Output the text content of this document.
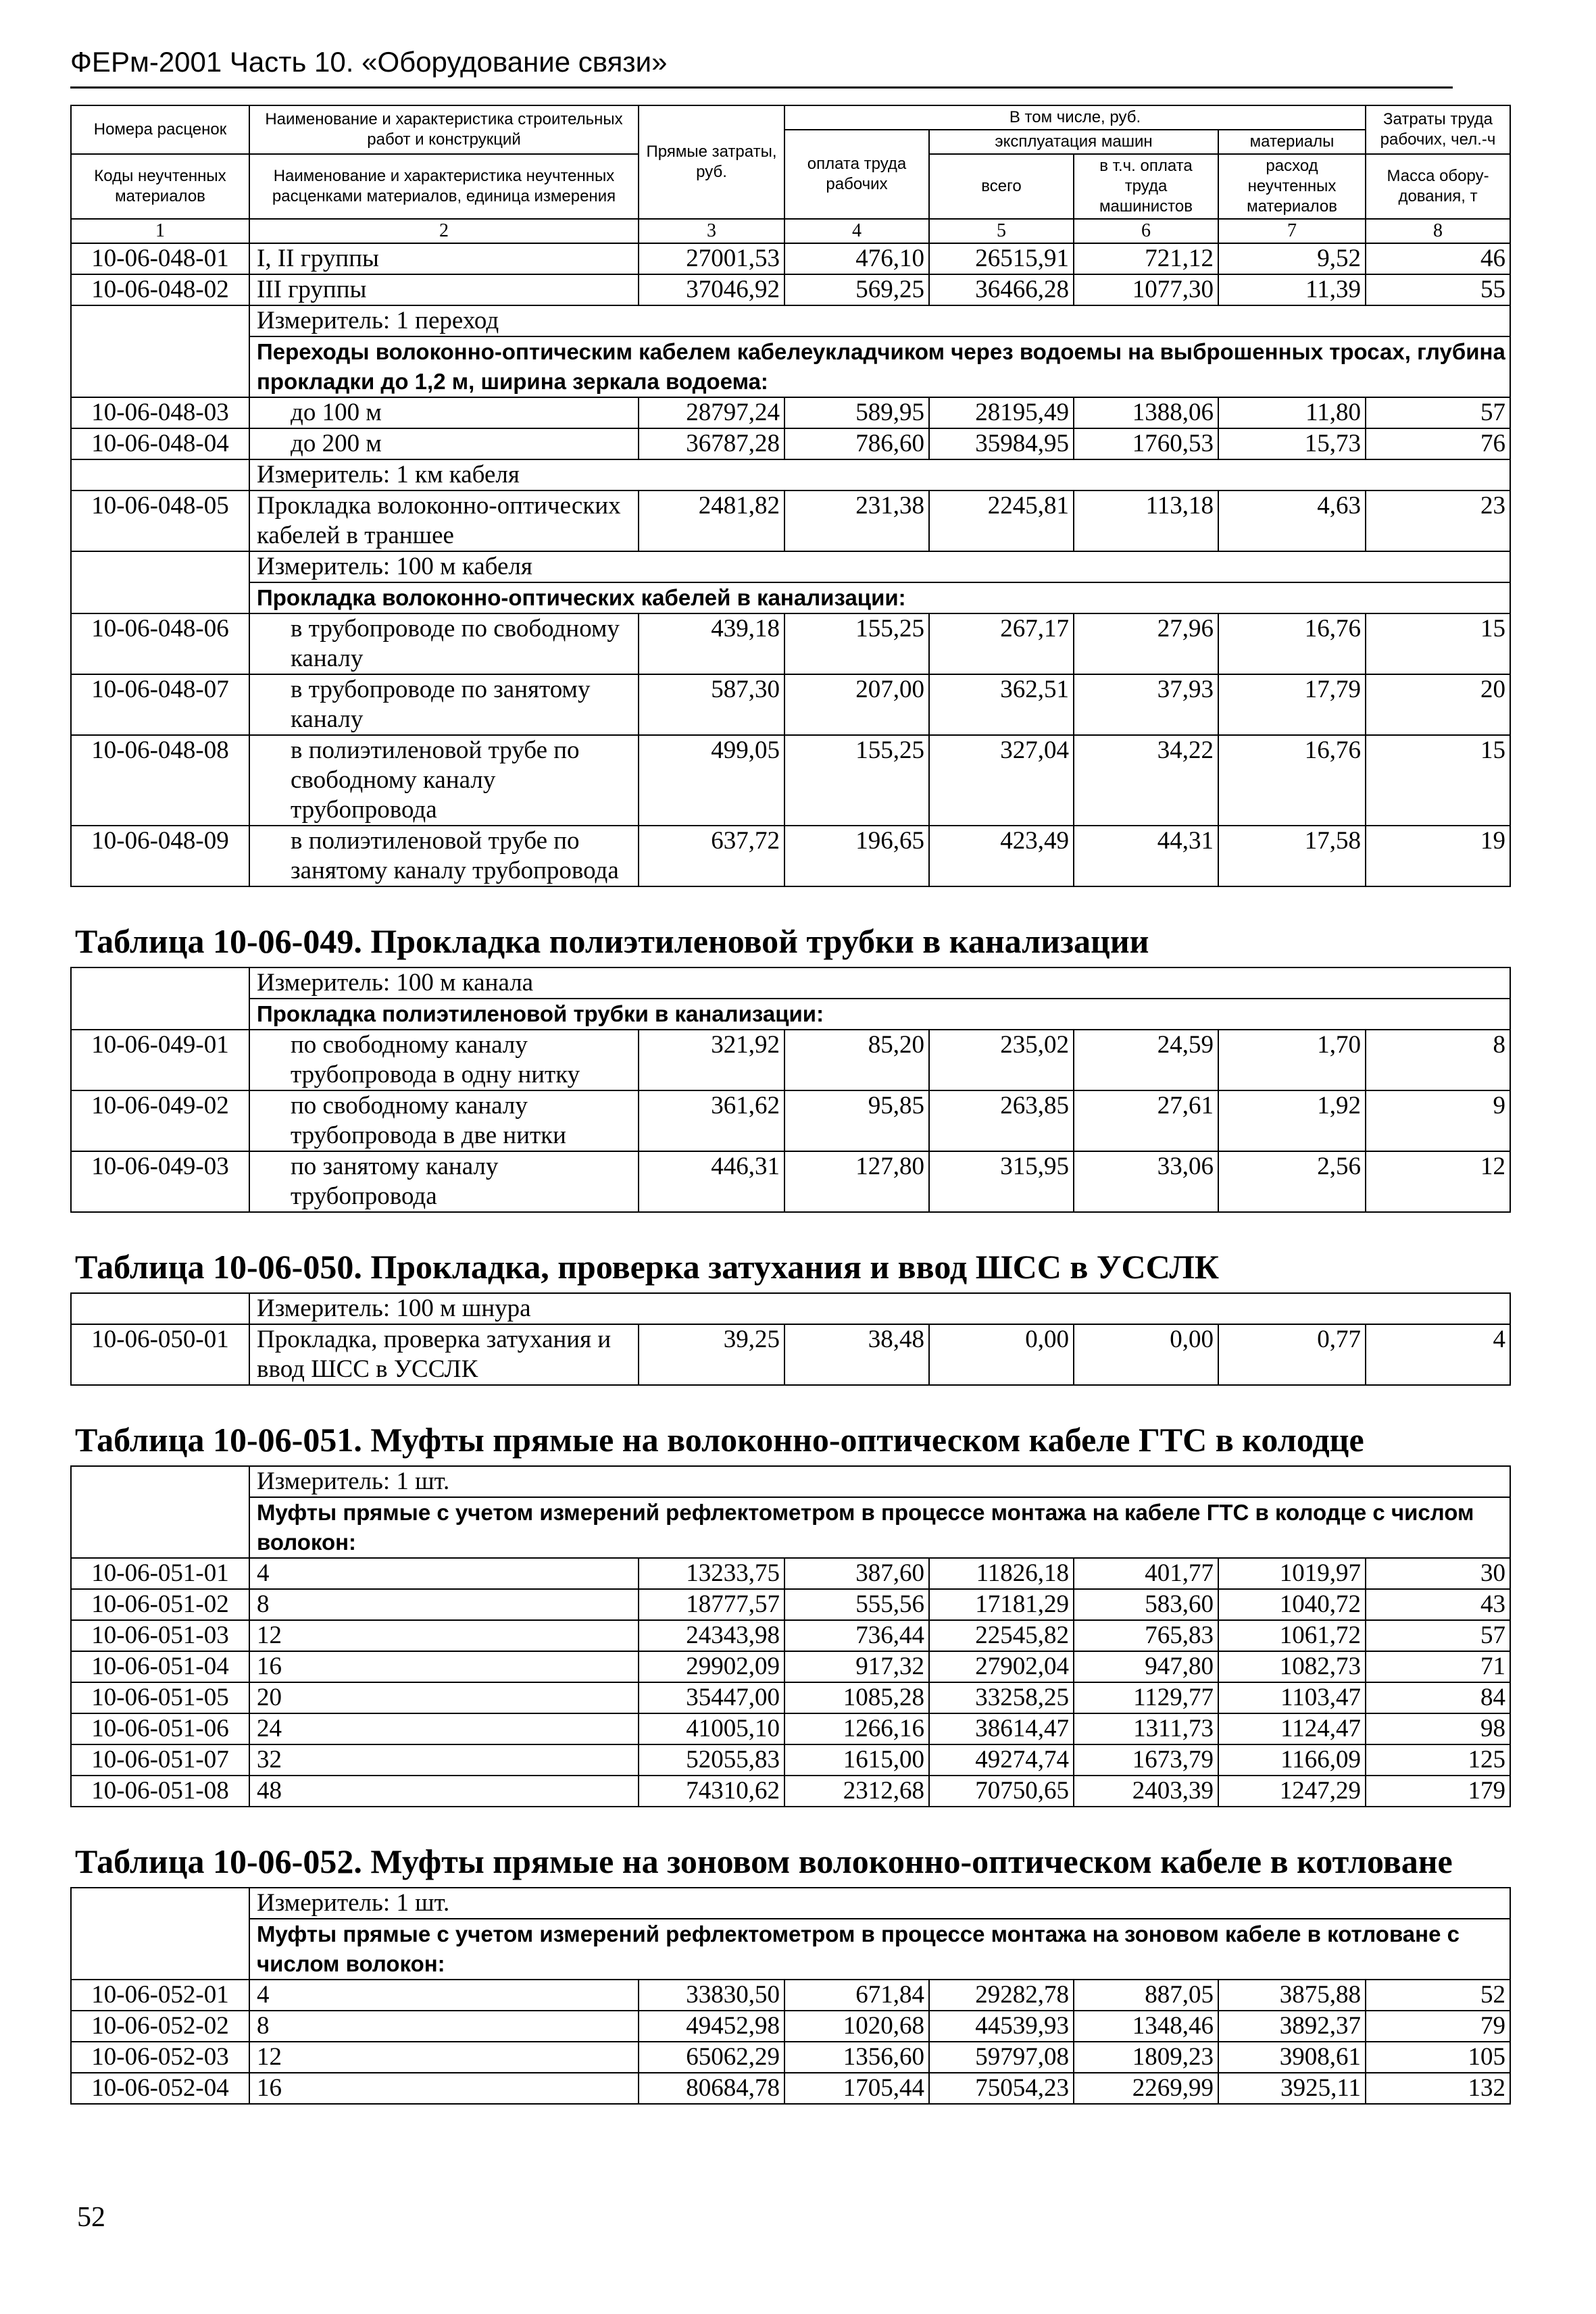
ФЕРм-2001 Часть 10. «Оборудование связи»
Номера расценок	Наименование и характеристика строительных работ и конструкций	Прямые затраты, руб.	В том числе, руб.				Затраты труда рабочих, чел.-ч
			оплата труда рабочих	эксплуатация машин		материалы	
Коды неучтенных материалов	Наименование и характеристика неучтенных расценками материалов, единица измерения			всего	в т.ч. оплата труда машинистов	расход неучтенных материалов	
							Масса обору-дования, т
1	2	3	4	5	6	7	8
10-06-048-01	I, II группы	27001,53	476,10	26515,91	721,12	9,52	46
10-06-048-02	III группы	37046,92	569,25	36466,28	1077,30	11,39	55
	Измеритель: 1 переход						
	Переходы волоконно-оптическим кабелем кабелеукладчиком через водоемы на выброшенных тросах, глубина прокладки до 1,2 м, ширина зеркала водоема:						
10-06-048-03	до 100 м	28797,24	589,95	28195,49	1388,06	11,80	57
10-06-048-04	до 200 м	36787,28	786,60	35984,95	1760,53	15,73	76
	Измеритель: 1 км кабеля						
10-06-048-05	Прокладка волоконно-оптических кабелей в траншее	2481,82	231,38	2245,81	113,18	4,63	23
	Измеритель: 100 м кабеля						
	Прокладка волоконно-оптических кабелей в канализации:						
10-06-048-06	в трубопроводе по свободному каналу	439,18	155,25	267,17	27,96	16,76	15
10-06-048-07	в трубопроводе по занятому каналу	587,30	207,00	362,51	37,93	17,79	20
10-06-048-08	в полиэтиленовой трубе по свободному каналу трубопровода	499,05	155,25	327,04	34,22	16,76	15
10-06-048-09	в полиэтиленовой трубе по занятому каналу трубопровода	637,72	196,65	423,49	44,31	17,58	19

Таблица 10-06-049. Прокладка полиэтиленовой трубки в канализации							
	Измеритель: 100 м канала						
	Прокладка полиэтиленовой трубки в канализации:						
10-06-049-01	по свободному каналу трубопровода в одну нитку	321,92	85,20	235,02	24,59	1,70	8
10-06-049-02	по свободному каналу трубопровода в две нитки	361,62	95,85	263,85	27,61	1,92	9
10-06-049-03	по занятому каналу трубопровода	446,31	127,80	315,95	33,06	2,56	12

Таблица 10-06-050. Прокладка, проверка затухания и ввод ШСС в УССЛК							
	Измеритель: 100 м шнура						
10-06-050-01	Прокладка, проверка затухания и ввод ШСС в УССЛК	39,25	38,48	0,00	0,00	0,77	4

Таблица 10-06-051. Муфты прямые на волоконно-оптическом кабеле ГТС в колодце							
	Измеритель: 1 шт.						
	Муфты прямые с учетом измерений рефлектометром в процессе монтажа на кабеле ГТС в колодце с числом волокон:						
10-06-051-01	4	13233,75	387,60	11826,18	401,77	1019,97	30
10-06-051-02	8	18777,57	555,56	17181,29	583,60	1040,72	43
10-06-051-03	12	24343,98	736,44	22545,82	765,83	1061,72	57
10-06-051-04	16	29902,09	917,32	27902,04	947,80	1082,73	71
10-06-051-05	20	35447,00	1085,28	33258,25	1129,77	1103,47	84
10-06-051-06	24	41005,10	1266,16	38614,47	1311,73	1124,47	98
10-06-051-07	32	52055,83	1615,00	49274,74	1673,79	1166,09	125
10-06-051-08	48	74310,62	2312,68	70750,65	2403,39	1247,29	179

Таблица 10-06-052. Муфты прямые на зоновом волоконно-оптическом кабеле в котловане							
	Измеритель: 1 шт.						
	Муфты прямые с учетом измерений рефлектометром в процессе монтажа на зоновом кабеле в котловане с числом волокон:						
10-06-052-01	4	33830,50	671,84	29282,78	887,05	3875,88	52
10-06-052-02	8	49452,98	1020,68	44539,93	1348,46	3892,37	79
10-06-052-03	12	65062,29	1356,60	59797,08	1809,23	3908,61	105
10-06-052-04	16	80684,78	1705,44	75054,23	2269,99	3925,11	132
52
